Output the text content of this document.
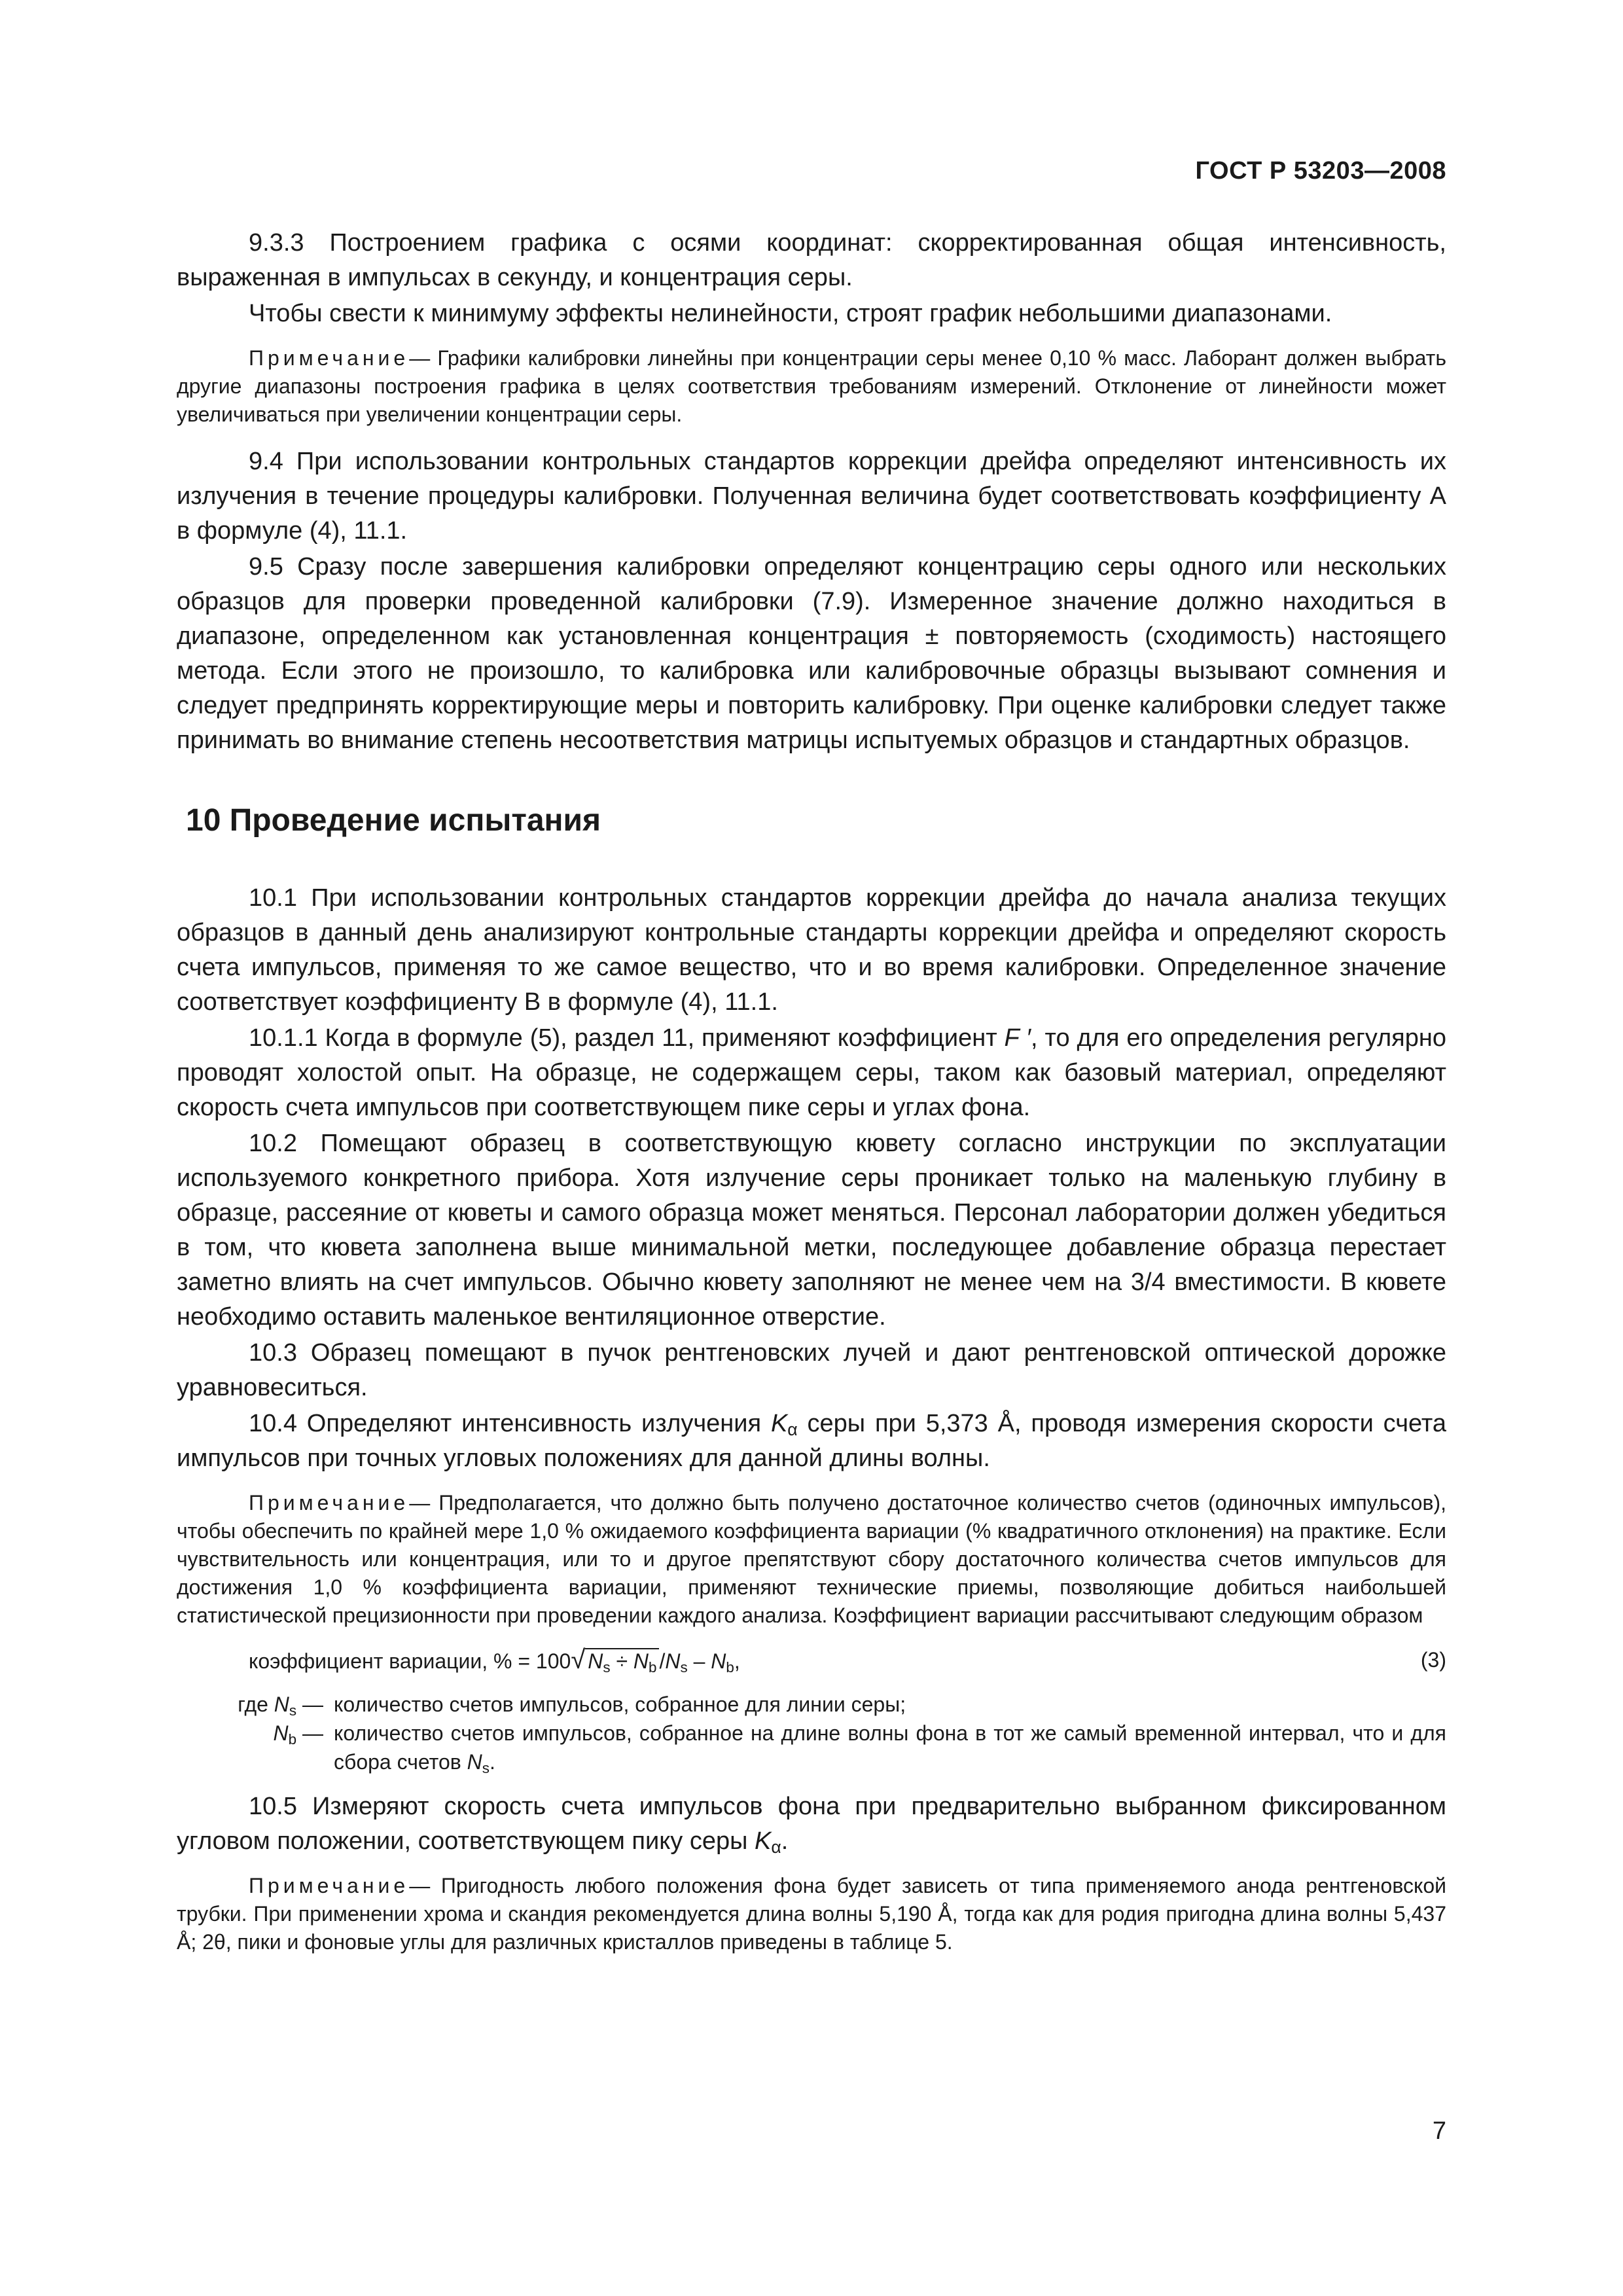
ГОСТ Р 53203—2008

9.3.3 Построением графика с осями координат: скорректированная общая интенсивность, выраженная в импульсах в секунду, и концентрация серы.

Чтобы свести к минимуму эффекты нелинейности, строят график небольшими диапазонами.

Примечание— Графики калибровки линейны при концентрации серы менее 0,10 % масс. Лаборант должен выбрать другие диапазоны построения графика в целях соответствия требованиям измерений. Отклонение от линейности может увеличиваться при увеличении концентрации серы.

9.4 При использовании контрольных стандартов коррекции дрейфа определяют интенсивность их излучения в течение процедуры калибровки. Полученная величина будет соответствовать коэффициенту А в формуле (4), 11.1.

9.5 Сразу после завершения калибровки определяют концентрацию серы одного или нескольких образцов для проверки проведенной калибровки (7.9). Измеренное значение должно находиться в диапазоне, определенном как установленная концентрация ± повторяемость (сходимость) настоящего метода. Если этого не произошло, то калибровка или калибровочные образцы вызывают сомнения и следует предпринять корректирующие меры и повторить калибровку. При оценке калибровки следует также принимать во внимание степень несоответствия матрицы испытуемых образцов и стандартных образцов.

10 Проведение испытания

10.1 При использовании контрольных стандартов коррекции дрейфа до начала анализа текущих образцов в данный день анализируют контрольные стандарты коррекции дрейфа и определяют скорость счета импульсов, применяя то же самое вещество, что и во время калибровки. Определенное значение соответствует коэффициенту В в формуле (4), 11.1.

10.1.1 Когда в формуле (5), раздел 11, применяют коэффициент F ′, то для его определения регулярно проводят холостой опыт. На образце, не содержащем серы, таком как базовый материал, определяют скорость счета импульсов при соответствующем пике серы и углах фона.

10.2 Помещают образец в соответствующую кювету согласно инструкции по эксплуатации используемого конкретного прибора. Хотя излучение серы проникает только на маленькую глубину в образце, рассеяние от кюветы и самого образца может меняться. Персонал лаборатории должен убедиться в том, что кювета заполнена выше минимальной метки, последующее добавление образца перестает заметно влиять на счет импульсов. Обычно кювету заполняют не менее чем на 3/4 вместимости. В кювете необходимо оставить маленькое вентиляционное отверстие.

10.3 Образец помещают в пучок рентгеновских лучей и дают рентгеновской оптической дорожке уравновеситься.

10.4 Определяют интенсивность излучения $K_\alpha$ серы при 5,373 Å, проводя измерения скорости счета импульсов при точных угловых положениях для данной длины волны.

Примечание— Предполагается, что должно быть получено достаточное количество счетов (одиночных импульсов), чтобы обеспечить по крайней мере 1,0 % ожидаемого коэффициента вариации (% квадратичного отклонения) на практике. Если чувствительность или концентрация, или то и другое препятствуют сбору достаточного количества счетов импульсов для достижения 1,0 % коэффициента вариации, применяют технические приемы, позволяющие добиться наибольшей статистической прецизионности при проведении каждого анализа. Коэффициент вариации рассчитывают следующим образом

коэффициент вариации, % = 100√ $N_s \div N_b$ $/N_s - N_b$,	(3)
где $N_s$ — количество счетов импульсов, собранное для линии серы;
$N_b$ — количество счетов импульсов, собранное на длине волны фона в тот же самый временной интервал, что и для сбора счетов $N_s$.

10.5 Измеряют скорость счета импульсов фона при предварительно выбранном фиксированном угловом положении, соответствующем пику серы $K_\alpha$.

Примечание— Пригодность любого положения фона будет зависеть от типа применяемого анода рентгеновской трубки. При применении хрома и скандия рекомендуется длина волны 5,190 Å, тогда как для родия пригодна длина волны 5,437 Å; 2θ, пики и фоновые углы для различных кристаллов приведены в таблице 5.

7
